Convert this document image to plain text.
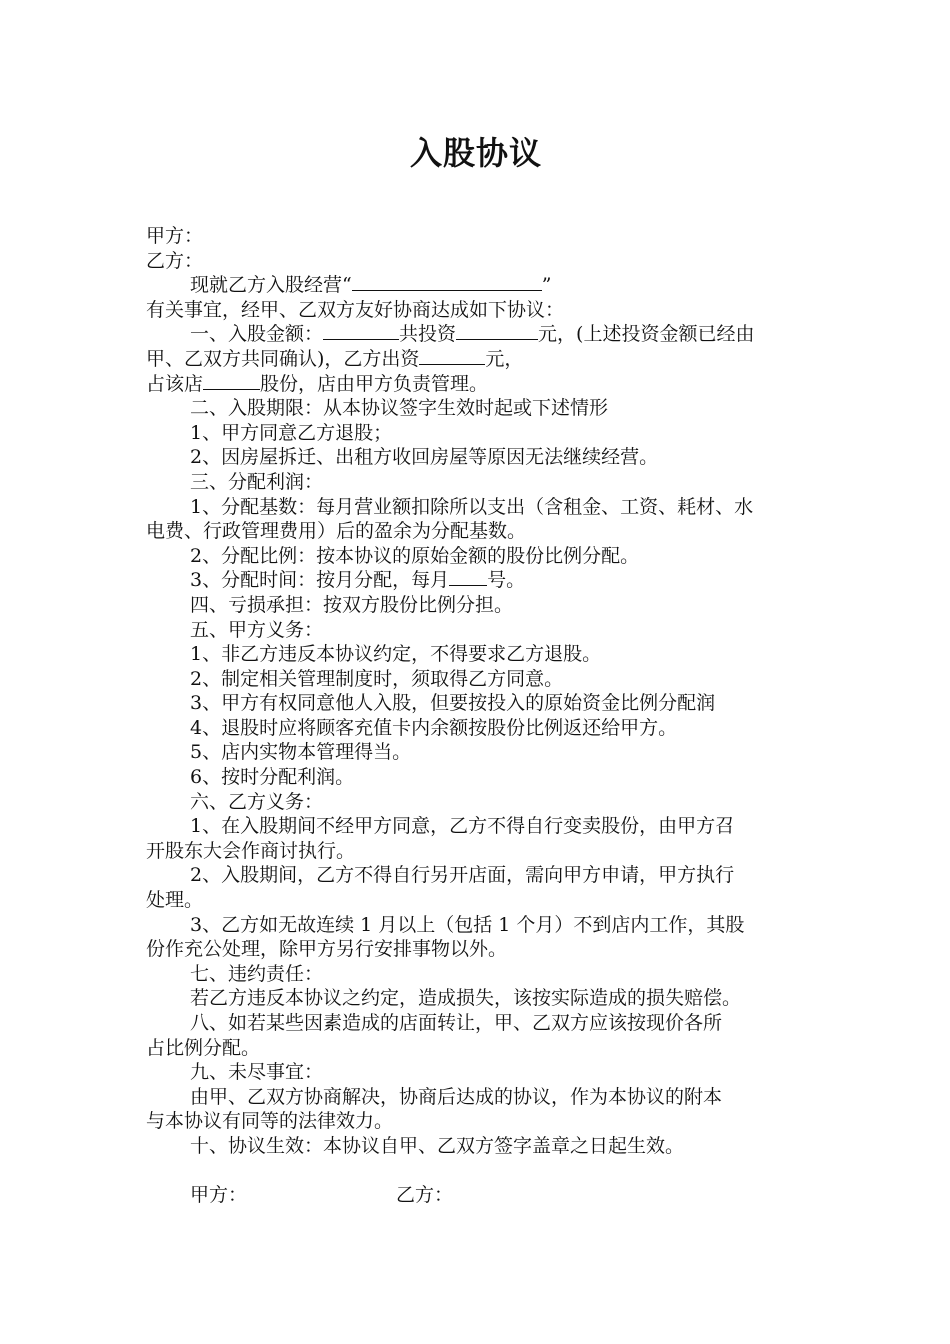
入股协议
甲方：
乙方：
现就乙方入股经营“	”
有关事宜，经甲、乙双方友好协商达成如下协议：
一、入股金额：	共投资	元，(上述投资金额已经由
甲、乙双方共同确认)，乙方出资	元，
占该店	股份，店由甲方负责管理。
二、入股期限：从本协议签字生效时起或下述情形
1、甲方同意乙方退股；
2、因房屋拆迁、出租方收回房屋等原因无法继续经营。
三、分配利润：
1、分配基数：每月营业额扣除所以支出（含租金、工资、耗材、水
电费、行政管理费用）后的盈余为分配基数。
2、分配比例：按本协议的原始金额的股份比例分配。
3、分配时间：按月分配，每月 号。
四、亏损承担：按双方股份比例分担。
五、甲方义务：
1、非乙方违反本协议约定，不得要求乙方退股。
2、制定相关管理制度时，须取得乙方同意。
3、甲方有权同意他人入股，但要按投入的原始资金比例分配润
4、退股时应将顾客充值卡内余额按股份比例返还给甲方。
5、店内实物本管理得当。
6、按时分配利润。
六、乙方义务：
1、在入股期间不经甲方同意，乙方不得自行变卖股份，由甲方召
开股东大会作商讨执行。
2、入股期间，乙方不得自行另开店面，需向甲方申请，甲方执行
处理。
3、乙方如无故连续 1 月以上（包括 1 个月）不到店内工作，其股
份作充公处理，除甲方另行安排事物以外。
七、违约责任：
若乙方违反本协议之约定，造成损失，该按实际造成的损失赔偿。
八、如若某些因素造成的店面转让，甲、乙双方应该按现价各所
占比例分配。
九、未尽事宜：
由甲、乙双方协商解决，协商后达成的协议，作为本协议的附本
与本协议有同等的法律效力。
十、协议生效：本协议自甲、乙双方签字盖章之日起生效。
甲方：	乙方：
